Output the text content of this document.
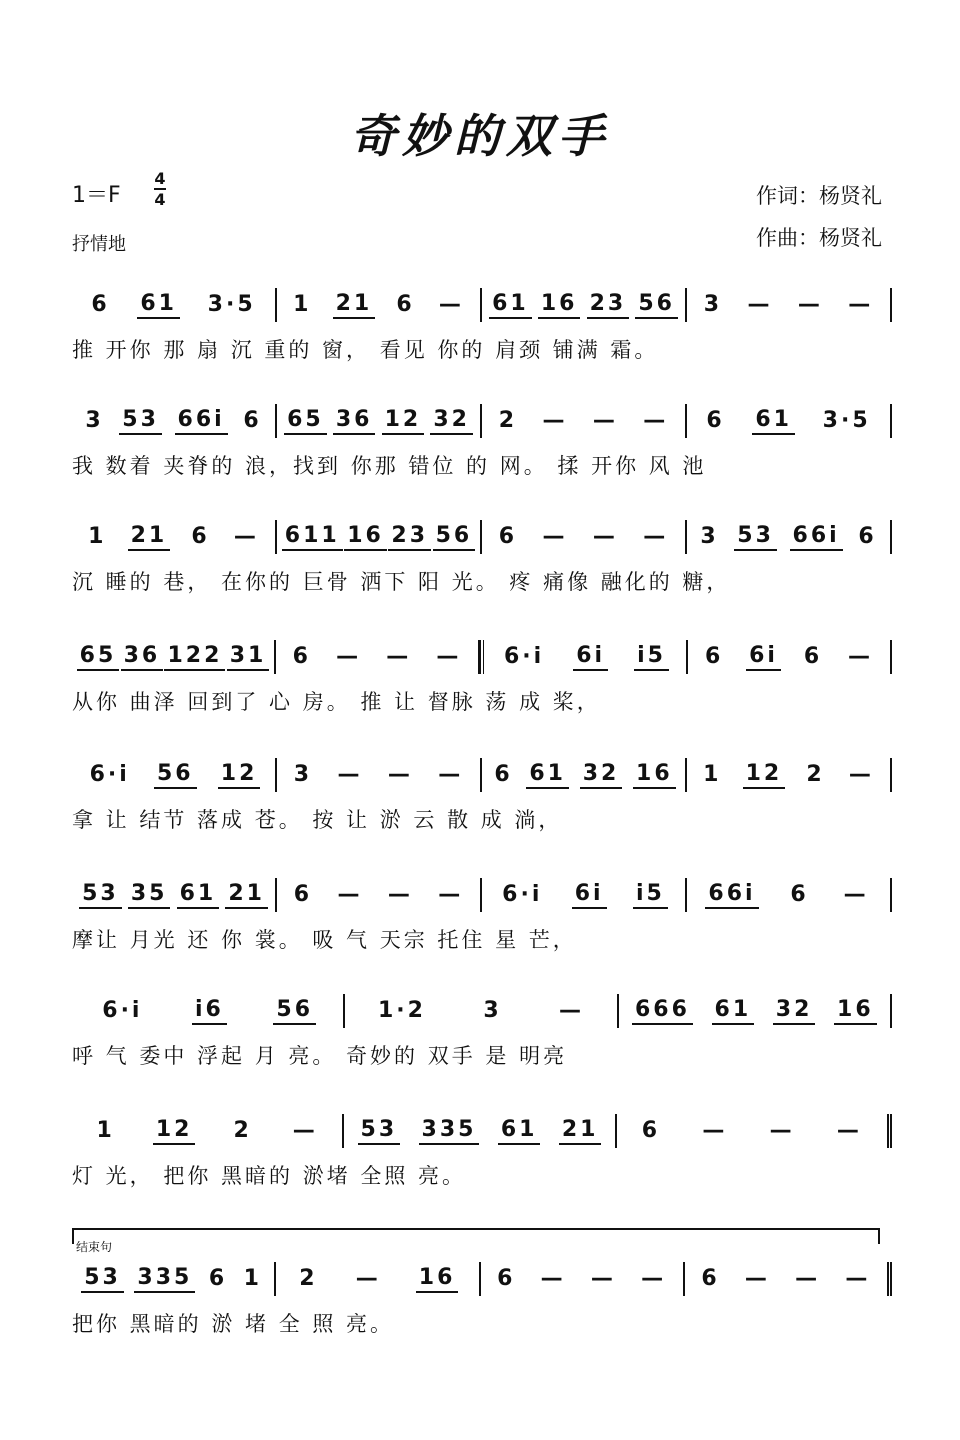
奇妙的双手
1＝F
4
4
抒情地
作词：杨贤礼
作曲：杨贤礼
6 61 3·5 1 21 6 — 61 16 23 56 3 — — —
推 开你 那 扇 沉 重的 窗， 看见 你的 肩颈 铺满 霜。
3 53 66i 6 65 36 12 32 2 — — — 6 61 3·5
我 数着 夹脊的 浪，找到 你那 错位 的 网。 揉 开你 风 池
1 21 6 — 611 16 23 56 6 — — — 3 53 66i 6
沉 睡的 巷， 在你的 巨骨 洒下 阳 光。 疼 痛像 融化的 糖，
65 36 122 31 6 — — — 6·i 6i i5 6 6i 6 —
从你 曲泽 回到了 心 房。 推 让 督脉 荡 成 桨，
6·i 56 12 3 — — — 6 61 32 16 1 12 2 —
拿 让 结节 落成 苍。 按 让 淤 云 散 成 淌，
53 35 61 21 6 — — — 6·i 6i i5 66i 6 —
摩让 月光 还 你 裳。 吸 气 天宗 托住 星 芒，
6·i i6 56	1·2	3	— 666 61 32 16
呼 气 委中 浮起 月 亮。 奇妙的 双手 是 明亮
1 12 2 — 53 335 61 21 6 — — —
灯 光， 把你 黑暗的 淤堵 全照 亮。
53 335 6 1 2 — 16 6 — — — 6 — — —
把你 黑暗的 淤 堵 全 照 亮。
结束句
